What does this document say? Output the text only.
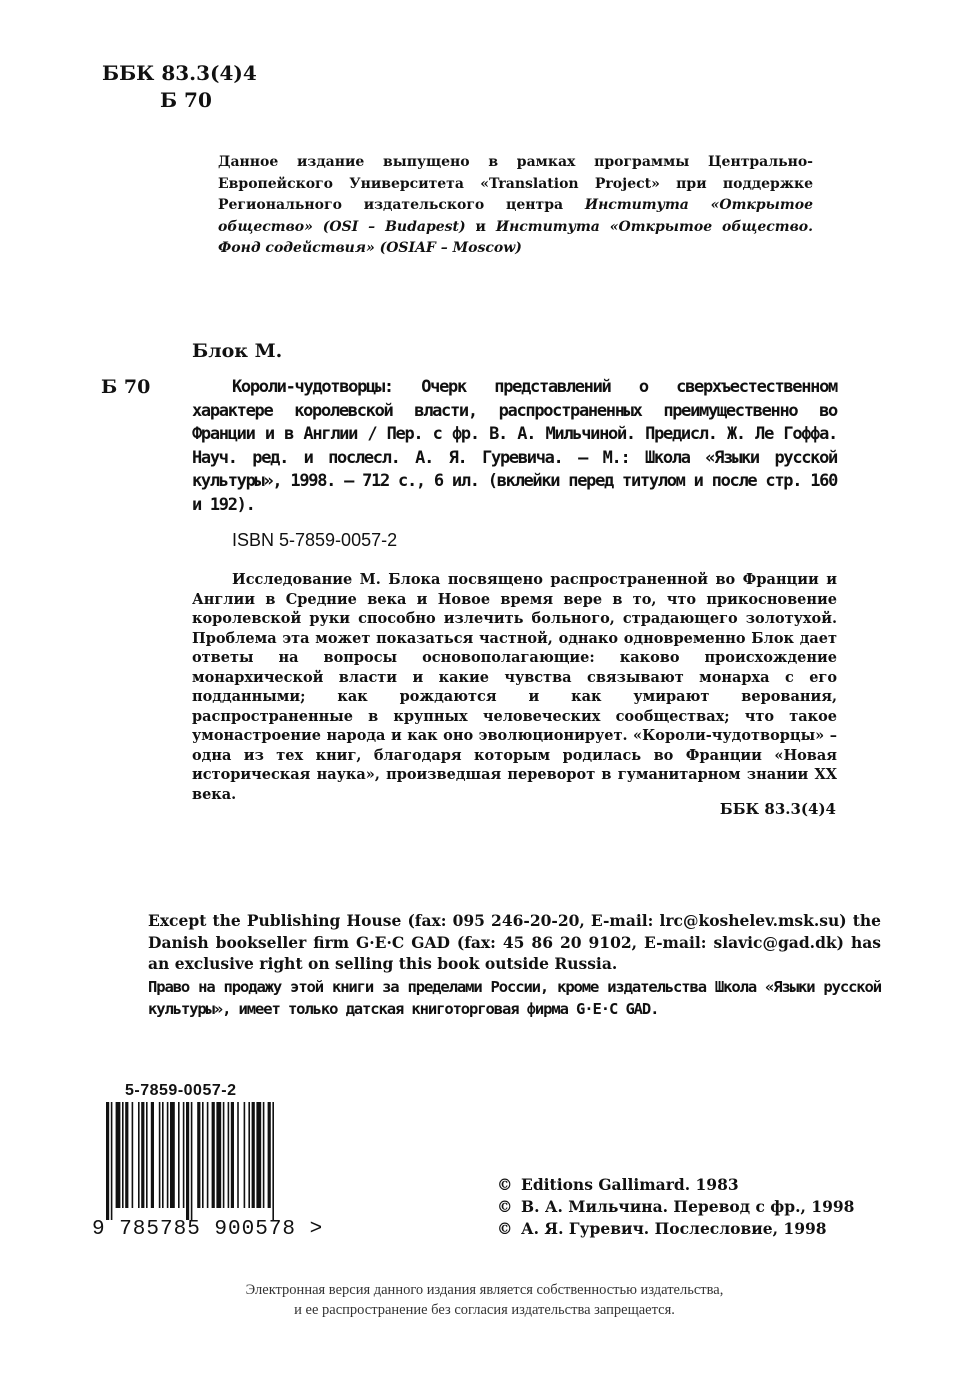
ББК 83.3(4)4
Б 70
Данное издание выпущено в рамках программы Центрально-Европейского Университета «Translation Project» при поддержке Регионального издательского центра Института «Открытое общество» (OSI – Budapest) и Института «Открытое общество. Фонд содействия» (OSIAF – Moscow)
Блок М.
Б 70	Короли-чудотворцы: Очерк представлений о сверхъестественном характере королевской власти, распространенных преимущественно во Франции и в Англии / Пер. с фр. В. А. Мильчиной. Предисл. Ж. Ле Гоффа. Науч. ред. и послесл. А. Я. Гуревича. – М.: Школа «Языки русской культуры», 1998. – 712 с., 6 ил. (вклейки перед титулом и после стр. 160 и 192).
ISBN 5-7859-0057-2
Исследование М. Блока посвящено распространенной во Франции и Англии в Средние века и Новое время вере в то, что прикосновение королевской руки способно излечить больного, страдающего золотухой. Проблема эта может показаться частной, однако одновременно Блок дает ответы на вопросы основополагающие: каково происхождение монархической власти и какие чувства связывают монарха с его подданными; как рождаются и как умирают верования, распространенные в крупных человеческих сообществах; что такое умонастроение народа и как оно эволюционирует. «Короли-чудотворцы» – одна из тех книг, благодаря которым родилась во Франции «Новая историческая наука», произведшая переворот в гуманитарном знании XX века.
ББК 83.3(4)4
Except the Publishing House (fax: 095 246-20-20, E-mail: lrc@koshelev.msk.su) the Danish bookseller firm G·E·C GAD (fax: 45 86 20 9102, E-mail: slavic@gad.dk) has an exclusive right on selling this book outside Russia.
Право на продажу этой книги за пределами России, кроме издательства Школа «Языки русской культуры», имеет только датская книготорговая фирма G·E·C GAD.
5-7859-0057-2
9 785785 900578 >
© Editions Gallimard. 1983
© В. А. Мильчина. Перевод с фр., 1998
© А. Я. Гуревич. Послесловие, 1998
Электронная версия данного издания является собственностью издательства,
и ее распространение без согласия издательства запрещается.
